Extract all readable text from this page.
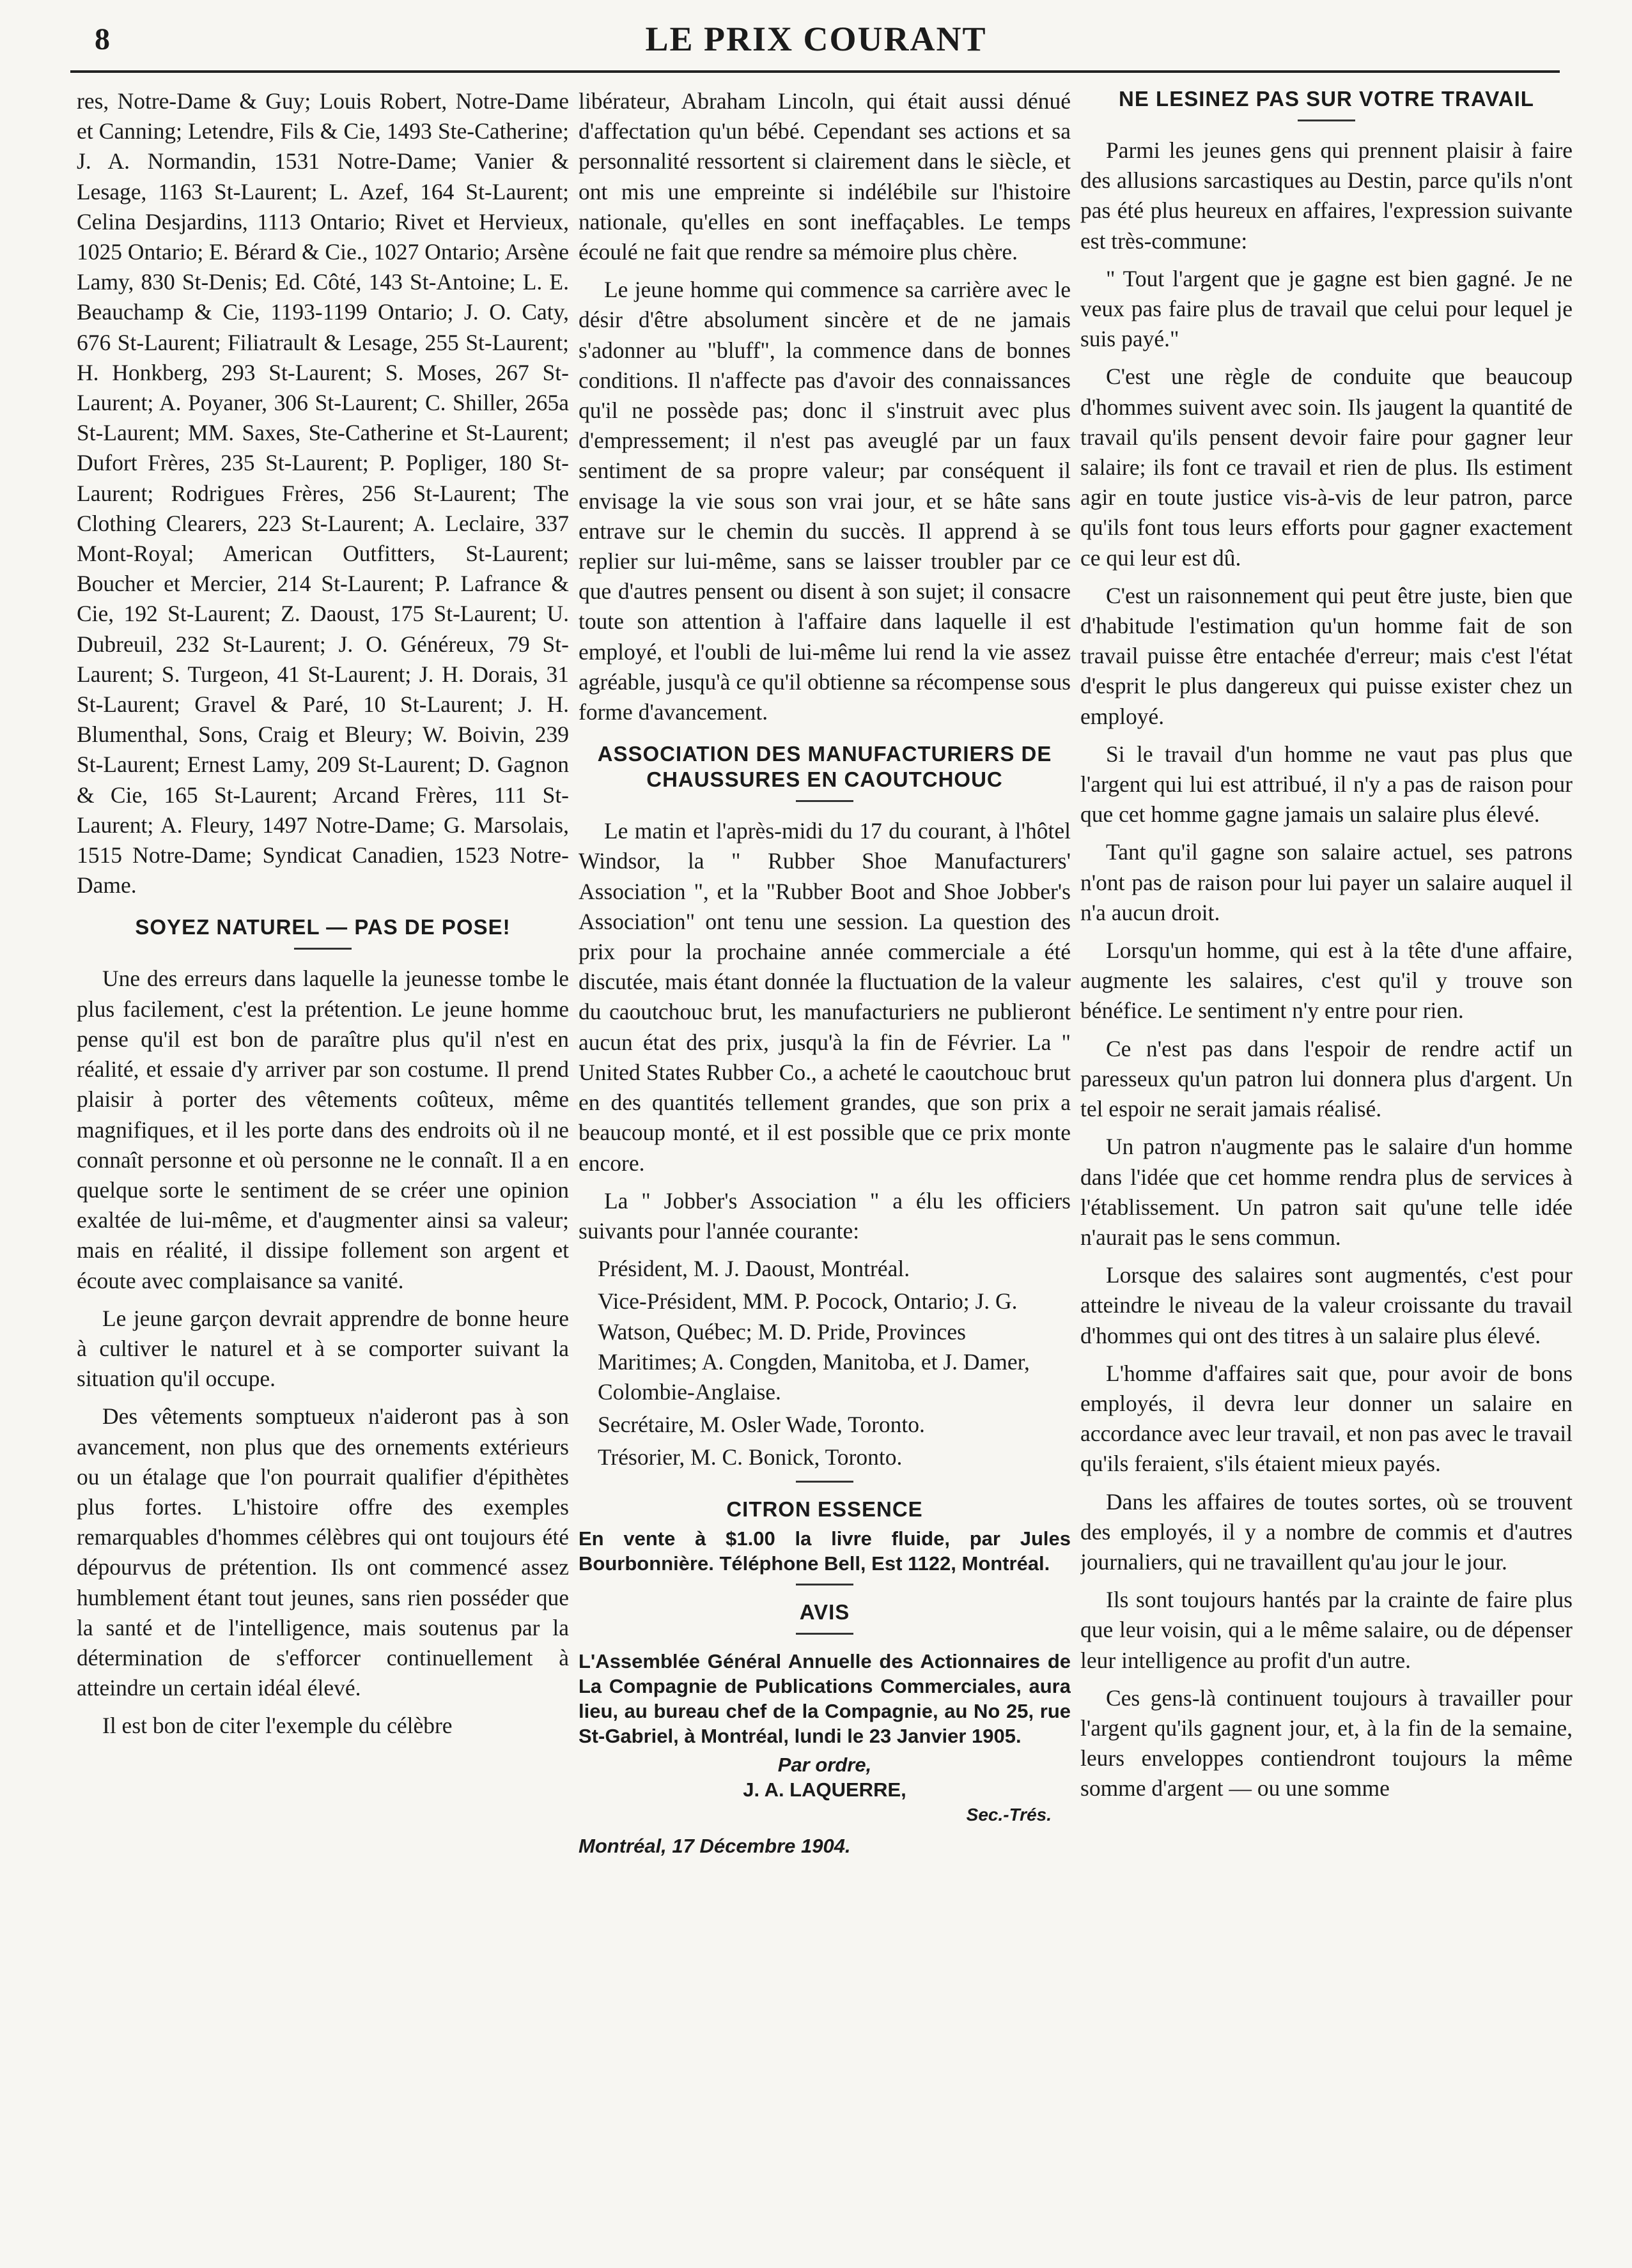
8	LE PRIX COURANT

res, Notre-Dame & Guy; Louis Robert, Notre-Dame et Canning; Letendre, Fils & Cie, 1493 Ste-Catherine; J. A. Normandin, 1531 Notre-Dame; Vanier & Lesage, 1163 St-Laurent; L. Azef, 164 St-Laurent; Celina Desjardins, 1113 Ontario; Rivet et Hervieux, 1025 Ontario; E. Bérard & Cie., 1027 Ontario; Arsène Lamy, 830 St-Denis; Ed. Côté, 143 St-Antoine; L. E. Beauchamp & Cie, 1193-1199 Ontario; J. O. Caty, 676 St-Laurent; Filiatrault & Lesage, 255 St-Laurent; H. Honkberg, 293 St-Laurent; S. Moses, 267 St-Laurent; A. Poyaner, 306 St-Laurent; C. Shiller, 265a St-Laurent; MM. Saxes, Ste-Catherine et St-Laurent; Dufort Frères, 235 St-Laurent; P. Popliger, 180 St-Laurent; Rodrigues Frères, 256 St-Laurent; The Clothing Clearers, 223 St-Laurent; A. Leclaire, 337 Mont-Royal; American Outfitters, St-Laurent; Boucher et Mercier, 214 St-Laurent; P. Lafrance & Cie, 192 St-Laurent; Z. Daoust, 175 St-Laurent; U. Dubreuil, 232 St-Laurent; J. O. Généreux, 79 St-Laurent; S. Turgeon, 41 St-Laurent; J. H. Dorais, 31 St-Laurent; Gravel & Paré, 10 St-Laurent; J. H. Blumenthal, Sons, Craig et Bleury; W. Boivin, 239 St-Laurent; Ernest Lamy, 209 St-Laurent; D. Gagnon & Cie, 165 St-Laurent; Arcand Frères, 111 St-Laurent; A. Fleury, 1497 Notre-Dame; G. Marsolais, 1515 Notre-Dame; Syndicat Canadien, 1523 Notre-Dame.

SOYEZ NATUREL — PAS DE POSE!

Une des erreurs dans laquelle la jeunesse tombe le plus facilement, c'est la prétention. Le jeune homme pense qu'il est bon de paraître plus qu'il n'est en réalité, et essaie d'y arriver par son costume. Il prend plaisir à porter des vêtements coûteux, même magnifiques, et il les porte dans des endroits où il ne connaît personne et où personne ne le connaît. Il a en quelque sorte le sentiment de se créer une opinion exaltée de lui-même, et d'augmenter ainsi sa valeur; mais en réalité, il dissipe follement son argent et écoute avec complaisance sa vanité.

Le jeune garçon devrait apprendre de bonne heure à cultiver le naturel et à se comporter suivant la situation qu'il occupe.

Des vêtements somptueux n'aideront pas à son avancement, non plus que des ornements extérieurs ou un étalage que l'on pourrait qualifier d'épithètes plus fortes. L'histoire offre des exemples remarquables d'hommes célèbres qui ont toujours été dépourvus de prétention. Ils ont commencé assez humblement étant tout jeunes, sans rien posséder que la santé et de l'intelligence, mais soutenus par la détermination de s'efforcer continuellement à atteindre un certain idéal élevé.

Il est bon de citer l'exemple du célèbre

libérateur, Abraham Lincoln, qui était aussi dénué d'affectation qu'un bébé. Cependant ses actions et sa personnalité ressortent si clairement dans le siècle, et ont mis une empreinte si indélébile sur l'histoire nationale, qu'elles en sont ineffaçables. Le temps écoulé ne fait que rendre sa mémoire plus chère.

Le jeune homme qui commence sa carrière avec le désir d'être absolument sincère et de ne jamais s'adonner au "bluff", la commence dans de bonnes conditions. Il n'affecte pas d'avoir des connaissances qu'il ne possède pas; donc il s'instruit avec plus d'empressement; il n'est pas aveuglé par un faux sentiment de sa propre valeur; par conséquent il envisage la vie sous son vrai jour, et se hâte sans entrave sur le chemin du succès. Il apprend à se replier sur lui-même, sans se laisser troubler par ce que d'autres pensent ou disent à son sujet; il consacre toute son attention à l'affaire dans laquelle il est employé, et l'oubli de lui-même lui rend la vie assez agréable, jusqu'à ce qu'il obtienne sa récompense sous forme d'avancement.

ASSOCIATION DES MANUFACTURIERS DE CHAUSSURES EN CAOUTCHOUC

Le matin et l'après-midi du 17 du courant, à l'hôtel Windsor, la " Rubber Shoe Manufacturers' Association ", et la "Rubber Boot and Shoe Jobber's Association" ont tenu une session. La question des prix pour la prochaine année commerciale a été discutée, mais étant donnée la fluctuation de la valeur du caoutchouc brut, les manufacturiers ne publieront aucun état des prix, jusqu'à la fin de Février. La " United States Rubber Co., a acheté le caoutchouc brut en des quantités tellement grandes, que son prix a beaucoup monté, et il est possible que ce prix monte encore.

La " Jobber's Association " a élu les officiers suivants pour l'année courante:

Président, M. J. Daoust, Montréal.

Vice-Président, MM. P. Pocock, Ontario; J. G. Watson, Québec; M. D. Pride, Provinces Maritimes; A. Congden, Manitoba, et J. Damer, Colombie-Anglaise.

Secrétaire, M. Osler Wade, Toronto.

Trésorier, M. C. Bonick, Toronto.

CITRON ESSENCE
En vente à $1.00 la livre fluide, par Jules Bourbonnière. Téléphone Bell, Est 1122, Montréal.
AVIS
L'Assemblée Général Annuelle des Actionnaires de La Compagnie de Publications Commerciales, aura lieu, au bureau chef de la Compagnie, au No 25, rue St-Gabriel, à Montréal, lundi le 23 Janvier 1905.
Par ordre,
J. A. LAQUERRE,
Sec.-Trés.
Montréal, 17 Décembre 1904.
NE LESINEZ PAS SUR VOTRE TRAVAIL

Parmi les jeunes gens qui prennent plaisir à faire des allusions sarcastiques au Destin, parce qu'ils n'ont pas été plus heureux en affaires, l'expression suivante est très-commune:

" Tout l'argent que je gagne est bien gagné. Je ne veux pas faire plus de travail que celui pour lequel je suis payé."

C'est une règle de conduite que beaucoup d'hommes suivent avec soin. Ils jaugent la quantité de travail qu'ils pensent devoir faire pour gagner leur salaire; ils font ce travail et rien de plus. Ils estiment agir en toute justice vis-à-vis de leur patron, parce qu'ils font tous leurs efforts pour gagner exactement ce qui leur est dû.

C'est un raisonnement qui peut être juste, bien que d'habitude l'estimation qu'un homme fait de son travail puisse être entachée d'erreur; mais c'est l'état d'esprit le plus dangereux qui puisse exister chez un employé.

Si le travail d'un homme ne vaut pas plus que l'argent qui lui est attribué, il n'y a pas de raison pour que cet homme gagne jamais un salaire plus élevé.

Tant qu'il gagne son salaire actuel, ses patrons n'ont pas de raison pour lui payer un salaire auquel il n'a aucun droit.

Lorsqu'un homme, qui est à la tête d'une affaire, augmente les salaires, c'est qu'il y trouve son bénéfice. Le sentiment n'y entre pour rien.

Ce n'est pas dans l'espoir de rendre actif un paresseux qu'un patron lui donnera plus d'argent. Un tel espoir ne serait jamais réalisé.

Un patron n'augmente pas le salaire d'un homme dans l'idée que cet homme rendra plus de services à l'établissement. Un patron sait qu'une telle idée n'aurait pas le sens commun.

Lorsque des salaires sont augmentés, c'est pour atteindre le niveau de la valeur croissante du travail d'hommes qui ont des titres à un salaire plus élevé.

L'homme d'affaires sait que, pour avoir de bons employés, il devra leur donner un salaire en accordance avec leur travail, et non pas avec le travail qu'ils feraient, s'ils étaient mieux payés.

Dans les affaires de toutes sortes, où se trouvent des employés, il y a nombre de commis et d'autres journaliers, qui ne travaillent qu'au jour le jour.

Ils sont toujours hantés par la crainte de faire plus que leur voisin, qui a le même salaire, ou de dépenser leur intelligence au profit d'un autre.

Ces gens-là continuent toujours à travailler pour l'argent qu'ils gagnent jour, et, à la fin de la semaine, leurs enveloppes contiendront toujours la même somme d'argent — ou une somme
